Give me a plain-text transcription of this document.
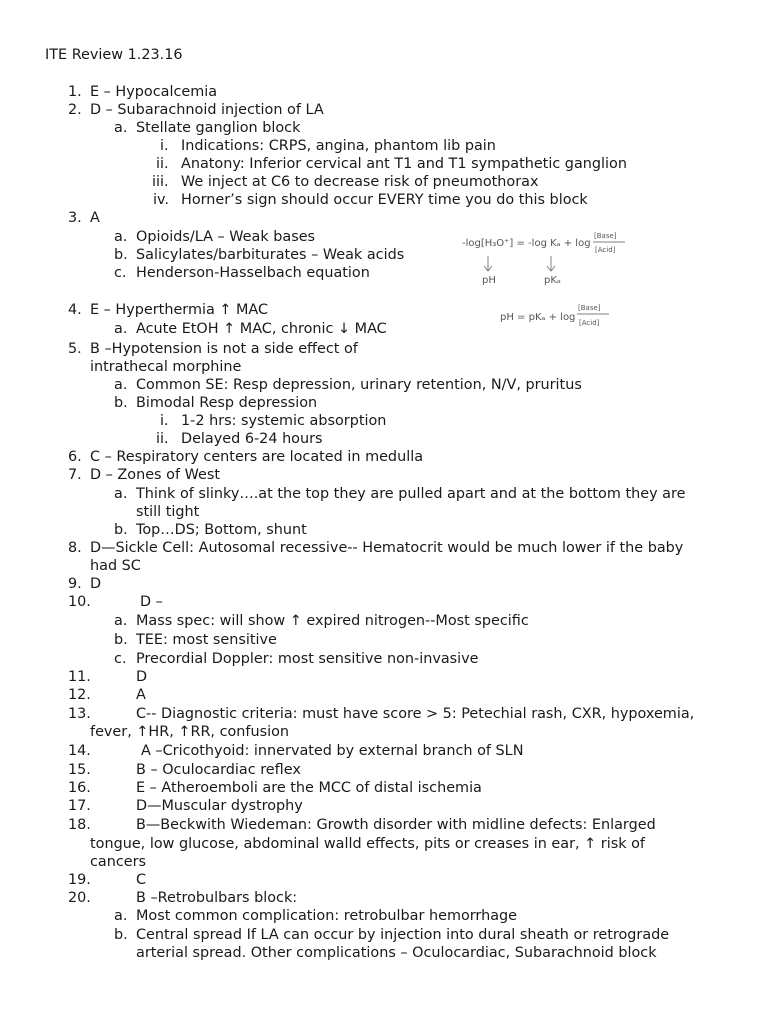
ITE Review 1.23.16
1. E – Hypocalcemia
2. D – Subarachnoid injection of LA
a. Stellate ganglion block
i. Indications: CRPS, angina, phantom lib pain
ii. Anatony: Inferior cervical ant T1 and T1 sympathetic ganglion
iii. We inject at C6 to decrease risk of pneumothorax
iv. Horner’s sign should occur EVERY time you do this block
3. A
a. Opioids/LA – Weak bases
b. Salicylates/barbiturates – Weak acids
c. Henderson-Hasselbach equation
-log[H₃O⁺] = -log Kₐ + log
[Base]
[Acid]
pH	pKₐ
pH = pKₐ + log
[Base]
[Acid]
4. E – Hyperthermia ↑ MAC
a. Acute EtOH ↑ MAC, chronic ↓ MAC
5. B –Hypotension is not a side effect of
intrathecal morphine
a. Common SE: Resp depression, urinary retention, N/V, pruritus
b. Bimodal Resp depression
i. 1-2 hrs: systemic absorption
ii. Delayed 6-24 hours
6. C – Respiratory centers are located in medulla
7. D – Zones of West
a. Think of slinky….at the top they are pulled apart and at the bottom they are
still tight
b. Top…DS; Bottom, shunt
8. D—Sickle Cell: Autosomal recessive-- Hematocrit would be much lower if the baby
had SC
9. D
10.	D –
a. Mass spec: will show ↑ expired nitrogen--Most specific
b. TEE: most sensitive
c. Precordial Doppler: most sensitive non-invasive
11.	D
12.	A
13.	C-- Diagnostic criteria: must have score > 5: Petechial rash, CXR, hypoxemia,
fever, ↑HR, ↑RR, confusion
14.	A –Cricothyoid: innervated by external branch of SLN
15.	B – Oculocardiac reflex
16.	E – Atheroemboli are the MCC of distal ischemia
17.	D—Muscular dystrophy
18.	B—Beckwith Wiedeman: Growth disorder with midline defects: Enlarged
tongue, low glucose, abdominal walld effects, pits or creases in ear, ↑ risk of
cancers
19.	C
20.	B –Retrobulbars block:
a. Most common complication: retrobulbar hemorrhage
b. Central spread If LA can occur by injection into dural sheath or retrograde
arterial spread. Other complications – Oculocardiac, Subarachnoid block
